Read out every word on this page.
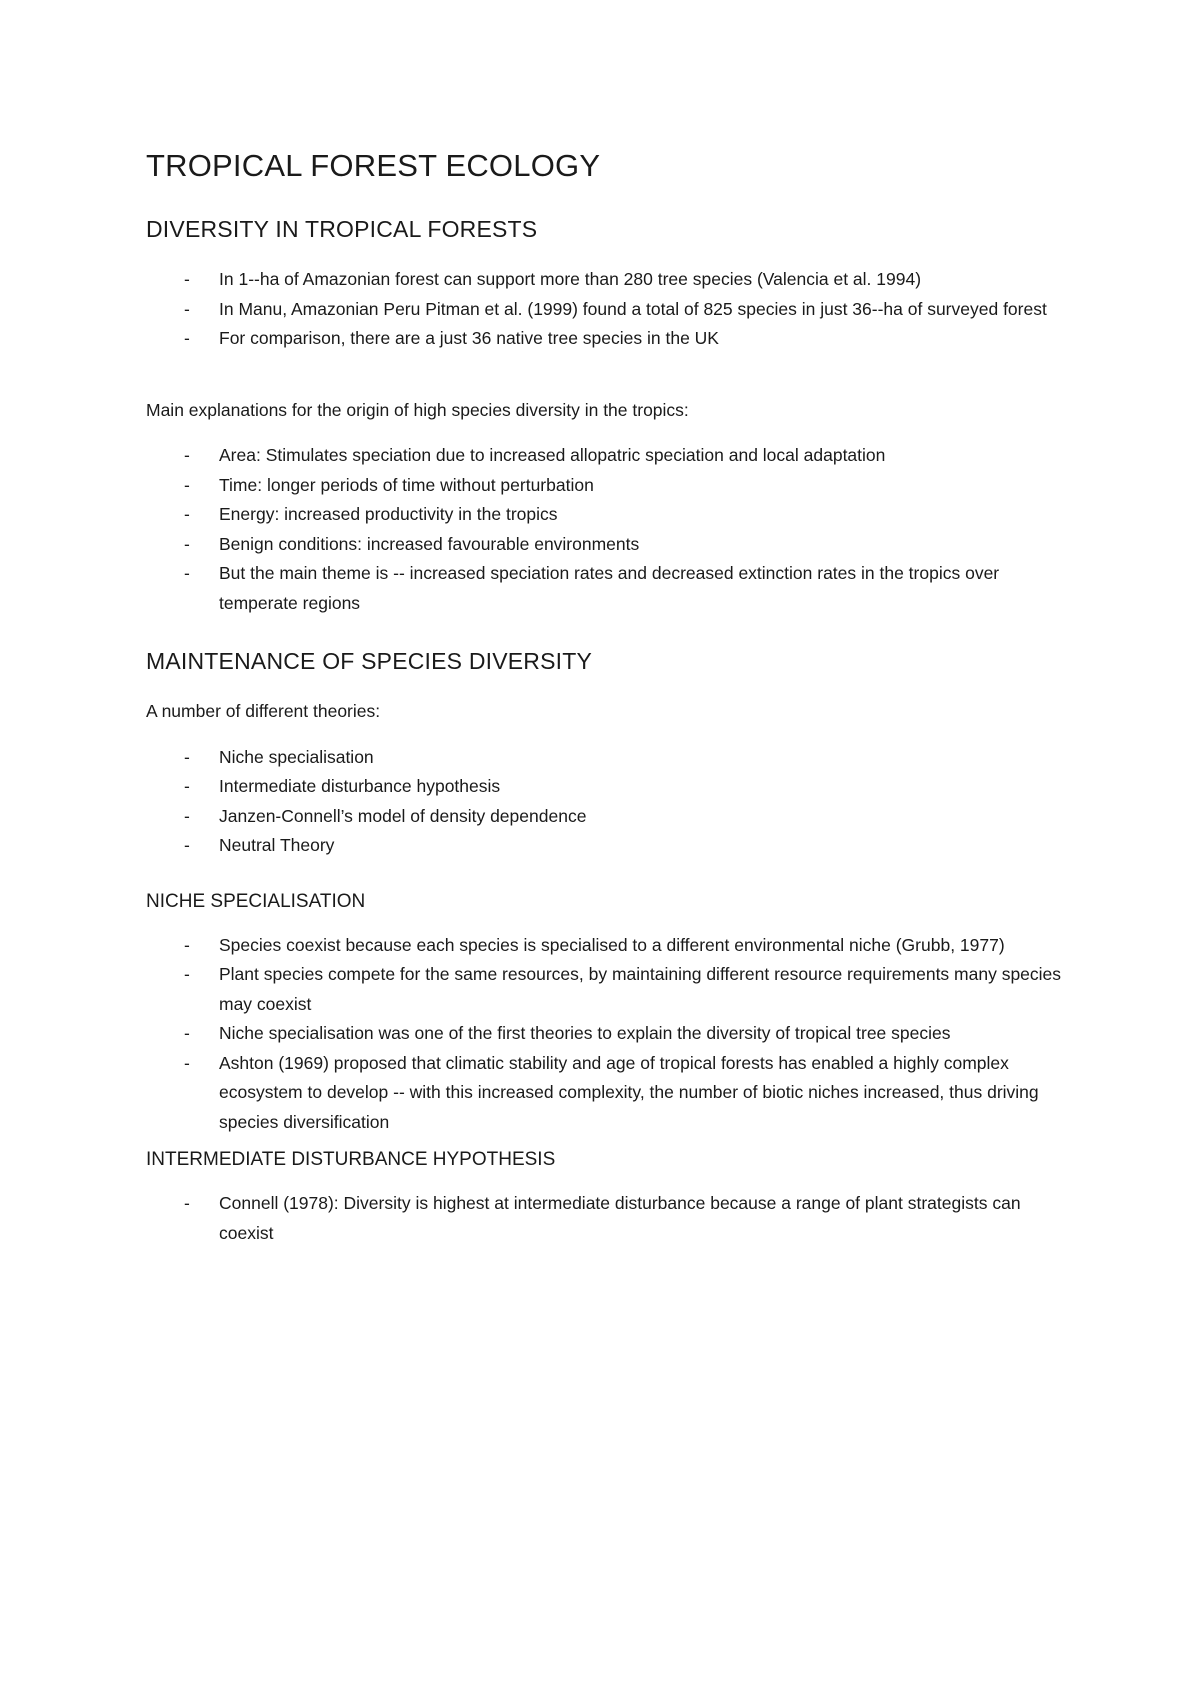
TROPICAL FOREST ECOLOGY
DIVERSITY IN TROPICAL FORESTS
- In 1‐‐ha of Amazonian forest can support more than 280 tree species (Valencia et al. 1994)
- In Manu, Amazonian Peru Pitman et al. (1999) found a total of 825 species in just 36‐‐ha of surveyed forest
- For comparison, there are a just 36 native tree species in the UK

Main explanations for the origin of high species diversity in the tropics:

- Area: Stimulates speciation due to increased allopatric speciation and local adaptation
- Time: longer periods of time without perturbation
- Energy: increased productivity in the tropics
- Benign conditions: increased favourable environments
- But the main theme is ‐‐ increased speciation rates and decreased extinction rates in the tropics over temperate regions
MAINTENANCE OF SPECIES DIVERSITY

A number of different theories:

- Niche specialisation
- Intermediate disturbance hypothesis
- Janzen‐Connell’s model of density dependence
- Neutral Theory
NICHE SPECIALISATION
- Species coexist because each species is specialised to a different environmental niche (Grubb, 1977)
- Plant species compete for the same resources, by maintaining different resource requirements many species may coexist
- Niche specialisation was one of the first theories to explain the diversity of tropical tree species
- Ashton (1969) proposed that climatic stability and age of tropical forests has enabled a highly complex ecosystem to develop ‐‐ with this increased complexity, the number of biotic niches increased, thus driving species diversification
INTERMEDIATE DISTURBANCE HYPOTHESIS
- Connell (1978): Diversity is highest at intermediate disturbance because a range of plant strategists can coexist
